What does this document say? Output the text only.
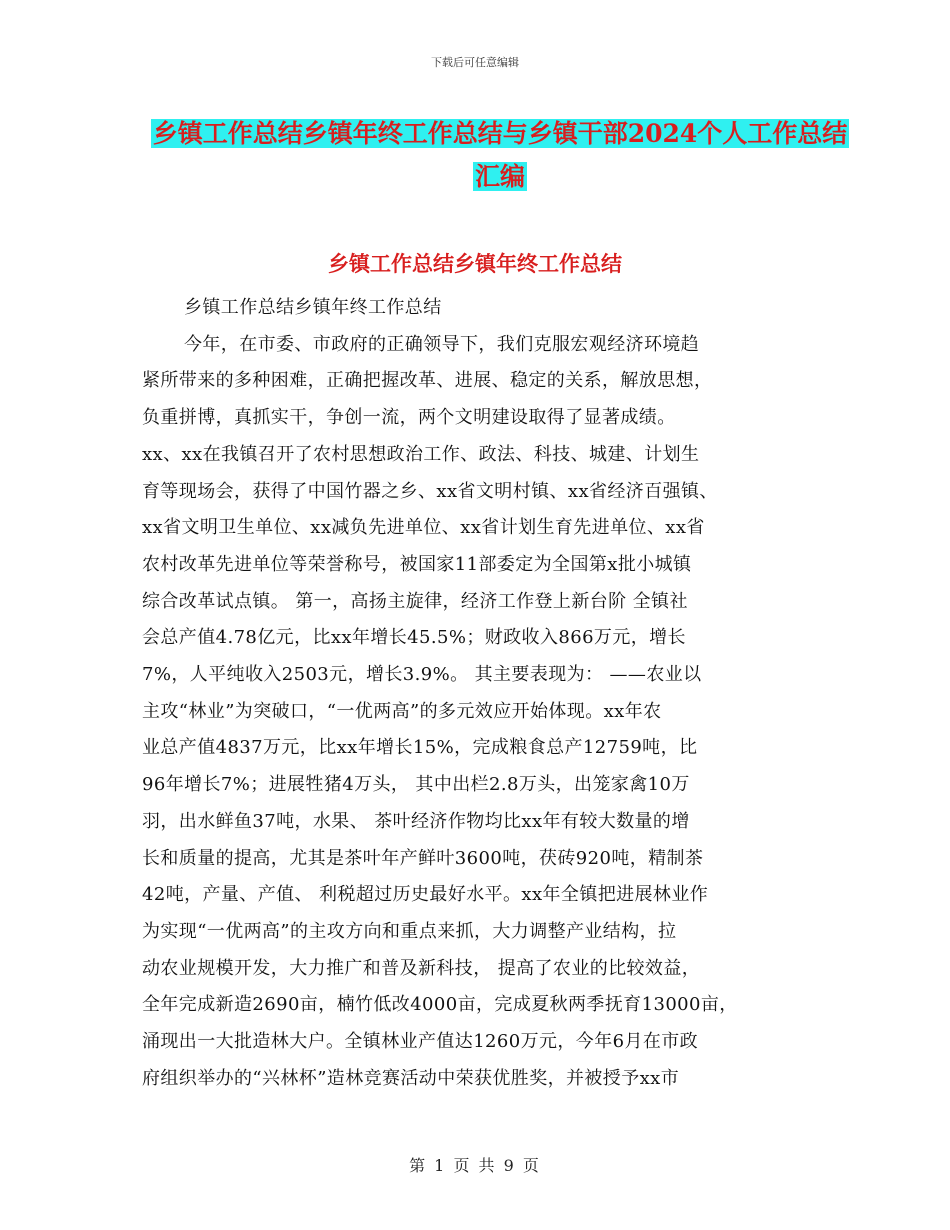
下载后可任意编辑
乡镇工作总结乡镇年终工作总结与乡镇干部2024个人工作总结汇编
乡镇工作总结乡镇年终工作总结

乡镇工作总结乡镇年终工作总结

今年，在市委、市政府的正确领导下，我们克服宏观经济环境趋

紧所带来的多种困难，正确把握改革、进展、稳定的关系，解放思想，

负重拼博，真抓实干，争创一流，两个文明建设取得了显著成绩。

xx、xx在我镇召开了农村思想政治工作、政法、科技、城建、计划生

育等现场会，获得了中国竹器之乡、xx省文明村镇、xx省经济百强镇、

xx省文明卫生单位、xx减负先进单位、xx省计划生育先进单位、xx省

农村改革先进单位等荣誉称号，被国家11部委定为全国第x批小城镇

综合改革试点镇。 第一，高扬主旋律，经济工作登上新台阶 全镇社

会总产值4.78亿元，比xx年增长45.5%；财政收入866万元，增长

7%，人平纯收入2503元，增长3.9%。 其主要表现为： ——农业以

主攻“林业”为突破口，“一优两高”的多元效应开始体现。xx年农

业总产值4837万元，比xx年增长15%，完成粮食总产12759吨，比

96年增长7%；进展牲猪4万头， 其中出栏2.8万头，出笼家禽10万

羽，出水鲜鱼37吨，水果、 茶叶经济作物均比xx年有较大数量的增

长和质量的提高，尤其是茶叶年产鲜叶3600吨，茯砖920吨，精制茶

42吨，产量、产值、 利税超过历史最好水平。xx年全镇把进展林业作

为实现“一优两高”的主攻方向和重点来抓，大力调整产业结构，拉

动农业规模开发，大力推广和普及新科技， 提高了农业的比较效益，

全年完成新造2690亩，楠竹低改4000亩，完成夏秋两季抚育13000亩，

涌现出一大批造林大户。全镇林业产值达1260万元，今年6月在市政

府组织举办的“兴林杯”造林竞赛活动中荣获优胜奖，并被授予xx市

第 1 页 共 9 页
